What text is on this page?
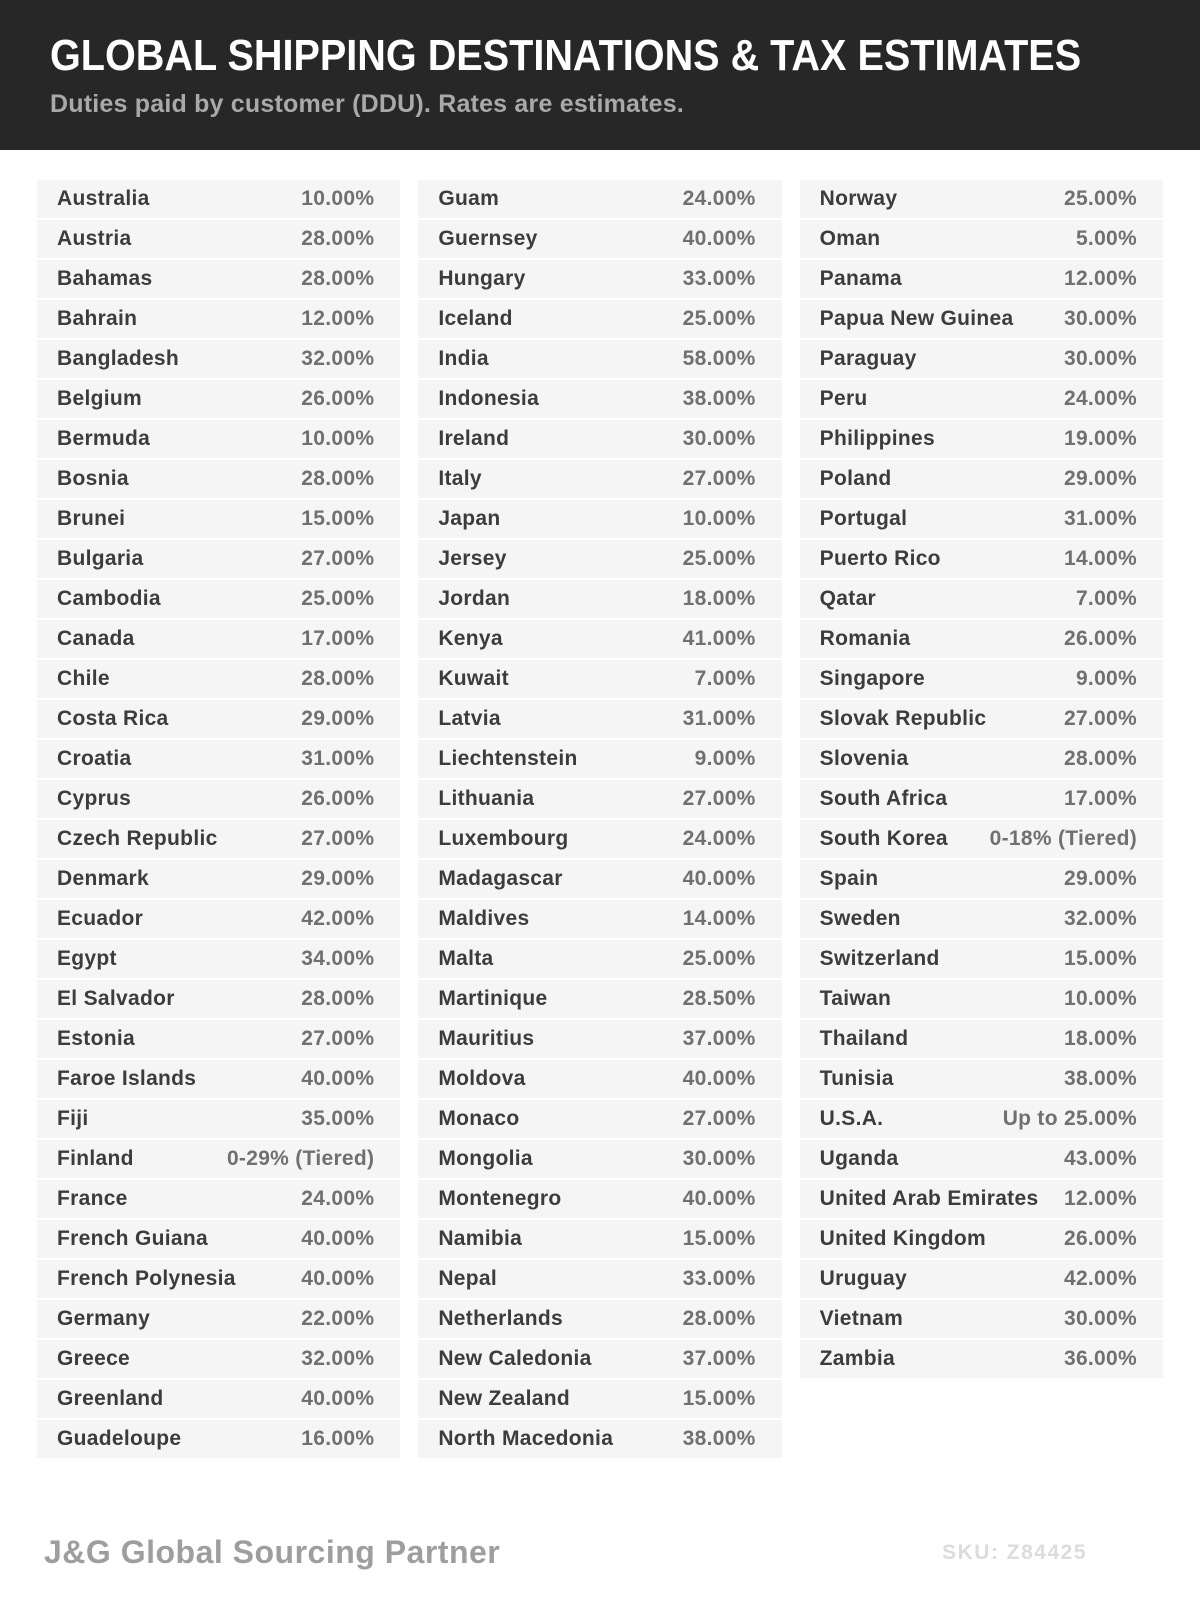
GLOBAL SHIPPING DESTINATIONS & TAX ESTIMATES
Duties paid by customer (DDU). Rates are estimates.
Australia	10.00%
Austria	28.00%
Bahamas	28.00%
Bahrain	12.00%
Bangladesh	32.00%
Belgium	26.00%
Bermuda	10.00%
Bosnia	28.00%
Brunei	15.00%
Bulgaria	27.00%
Cambodia	25.00%
Canada	17.00%
Chile	28.00%
Costa Rica	29.00%
Croatia	31.00%
Cyprus	26.00%
Czech Republic	27.00%
Denmark	29.00%
Ecuador	42.00%
Egypt	34.00%
El Salvador	28.00%
Estonia	27.00%
Faroe Islands	40.00%
Fiji	35.00%
Finland	0-29% (Tiered)
France	24.00%
French Guiana	40.00%
French Polynesia	40.00%
Germany	22.00%
Greece	32.00%
Greenland	40.00%
Guadeloupe	16.00%
Guam	24.00%
Guernsey	40.00%
Hungary	33.00%
Iceland	25.00%
India	58.00%
Indonesia	38.00%
Ireland	30.00%
Italy	27.00%
Japan	10.00%
Jersey	25.00%
Jordan	18.00%
Kenya	41.00%
Kuwait	7.00%
Latvia	31.00%
Liechtenstein	9.00%
Lithuania	27.00%
Luxembourg	24.00%
Madagascar	40.00%
Maldives	14.00%
Malta	25.00%
Martinique	28.50%
Mauritius	37.00%
Moldova	40.00%
Monaco	27.00%
Mongolia	30.00%
Montenegro	40.00%
Namibia	15.00%
Nepal	33.00%
Netherlands	28.00%
New Caledonia	37.00%
New Zealand	15.00%
North Macedonia	38.00%
Norway	25.00%
Oman	5.00%
Panama	12.00%
Papua New Guinea 30.00%
Paraguay	30.00%
Peru	24.00%
Philippines	19.00%
Poland	29.00%
Portugal	31.00%
Puerto Rico	14.00%
Qatar	7.00%
Romania	26.00%
Singapore	9.00%
Slovak Republic	27.00%
Slovenia	28.00%
South Africa	17.00%
South Korea 0-18% (Tiered)
Spain	29.00%
Sweden	32.00%
Switzerland	15.00%
Taiwan	10.00%
Thailand	18.00%
Tunisia	38.00%
U.S.A.	Up to 25.00%
Uganda	43.00%
United Arab Emirates 12.00%
United Kingdom	26.00%
Uruguay	42.00%
Vietnam	30.00%
Zambia	36.00%
J&G Global Sourcing Partner	SKU: Z84425
